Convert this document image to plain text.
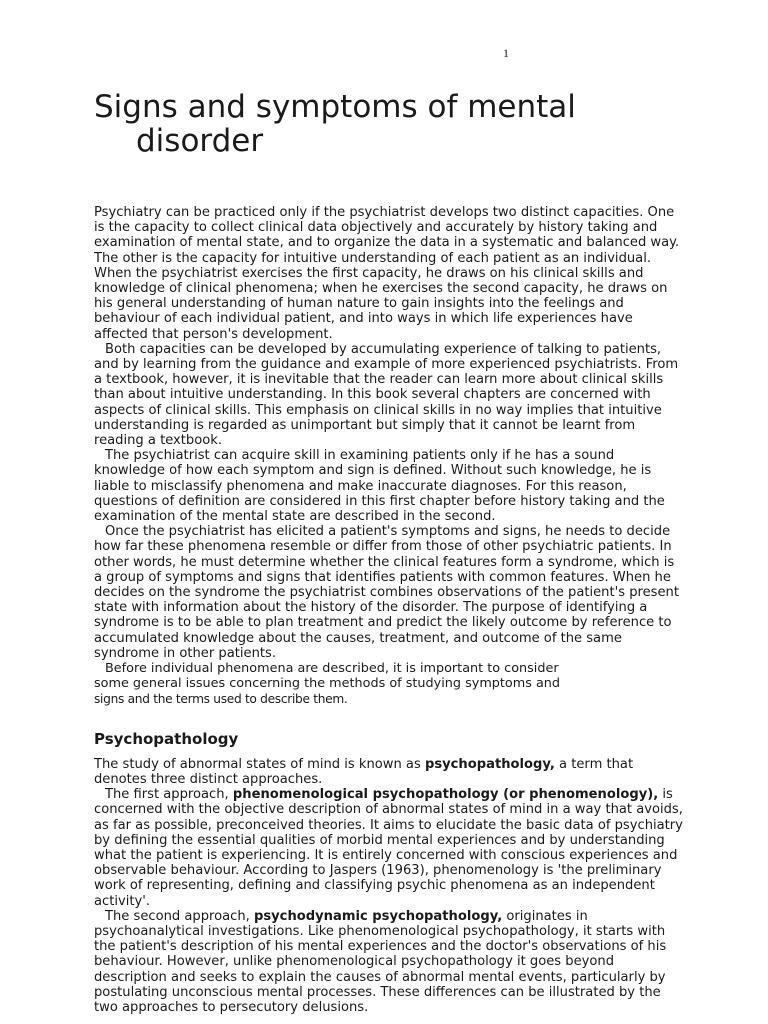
1
Signs and symptoms of mental
disorder

Psychiatry can be practiced only if the psychiatrist develops two distinct capacities. One is the capacity to collect clinical data objectively and accurately by history taking and examination of mental state, and to organize the data in a systematic and balanced way. The other is the capacity for intuitive understanding of each patient as an individual. When the psychiatrist exercises the first capacity, he draws on his clinical skills and knowledge of clinical phenomena; when he exercises the second capacity, he draws on his general understanding of human nature to gain insights into the feelings and behaviour of each individual patient, and into ways in which life experiences have affected that person's development.

Both capacities can be developed by accumulating experience of talking to patients, and by learning from the guidance and example of more experienced psychiatrists. From a textbook, however, it is inevitable that the reader can learn more about clinical skills than about intuitive understanding. In this book several chapters are concerned with aspects of clinical skills. This emphasis on clinical skills in no way implies that intuitive understanding is regarded as unimportant but simply that it cannot be learnt from reading a textbook.

The psychiatrist can acquire skill in examining patients only if he has a sound knowledge of how each symptom and sign is defined. Without such knowledge, he is liable to misclassify phenomena and make inaccurate diagnoses. For this reason, questions of definition are considered in this first chapter before history taking and the examination of the mental state are described in the second.

Once the psychiatrist has elicited a patient's symptoms and signs, he needs to decide how far these phenomena resemble or differ from those of other psychiatric patients. In other words, he must determine whether the clinical features form a syndrome, which is a group of symptoms and signs that identifies patients with common features. When he decides on the syndrome the psychiatrist combines observations of the patient's present state with information about the history of the disorder. The purpose of identifying a syndrome is to be able to plan treatment and predict the likely outcome by reference to accumulated knowledge about the causes, treatment, and outcome of the same syndrome in other patients.

Before individual phenomena are described, it is important to consider

some general issues concerning the methods of studying symptoms and

signs and the terms used to describe them.

Psychopathology

The study of abnormal states of mind is known as psychopathology, a term that denotes three distinct approaches.

The first approach, phenomenological psychopathology (or phenomenology), is concerned with the objective description of abnormal states of mind in a way that avoids, as far as possible, preconceived theories. It aims to elucidate the basic data of psychiatry by defining the essential qualities of morbid mental experiences and by understanding what the patient is experiencing. It is entirely concerned with conscious experiences and observable behaviour. According to Jaspers (1963), phenomenology is 'the preliminary work of representing, defining and classifying psychic phenomena as an independent activity'.

The second approach, psychodynamic psychopathology, originates in psychoanalytical investigations. Like phenomenological psychopathology, it starts with the patient's description of his mental experiences and the doctor's observations of his behaviour. However, unlike phenomenological psychopathology it goes beyond description and seeks to explain the causes of abnormal mental events, particularly by postulating unconscious mental processes. These differences can be illustrated by the two approaches to persecutory delusions.
